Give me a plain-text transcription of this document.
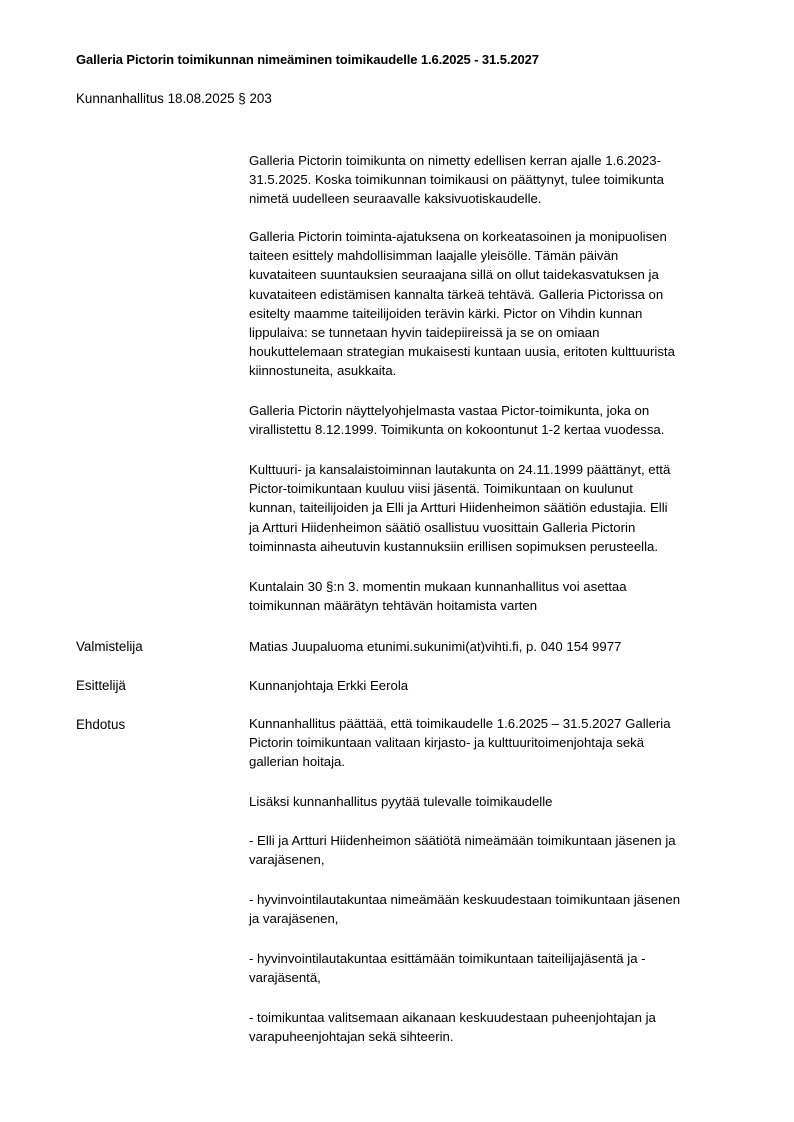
Galleria Pictorin toimikunnan nimeäminen toimikaudelle 1.6.2025 - 31.5.2027
Kunnanhallitus 18.08.2025 § 203

Galleria Pictorin toimikunta on nimetty edellisen kerran ajalle 1.6.2023-
31.5.2025. Koska toimikunnan toimikausi on päättynyt, tulee toimikunta
nimetä uudelleen seuraavalle kaksivuotiskaudelle.

Galleria Pictorin toiminta-ajatuksena on korkeatasoinen ja monipuolisen
taiteen esittely mahdollisimman laajalle yleisölle. Tämän päivän
kuvataiteen suuntauksien seuraajana sillä on ollut taidekasvatuksen ja
kuvataiteen edistämisen kannalta tärkeä tehtävä. Galleria Pictorissa on
esitelty maamme taiteilijoiden terävin kärki. Pictor on Vihdin kunnan
lippulaiva: se tunnetaan hyvin taidepiireissä ja se on omiaan
houkuttelemaan strategian mukaisesti kuntaan uusia, eritoten kulttuurista
kiinnostuneita, asukkaita.

Galleria Pictorin näyttelyohjelmasta vastaa Pictor-toimikunta, joka on
virallistettu 8.12.1999. Toimikunta on kokoontunut 1-2 kertaa vuodessa.

Kulttuuri- ja kansalaistoiminnan lautakunta on 24.11.1999 päättänyt, että
Pictor-toimikuntaan kuuluu viisi jäsentä. Toimikuntaan on kuulunut
kunnan, taiteilijoiden ja Elli ja Artturi Hiidenheimon säätiön edustajia. Elli
ja Artturi Hiidenheimon säätiö osallistuu vuosittain Galleria Pictorin
toiminnasta aiheutuvin kustannuksiin erillisen sopimuksen perusteella.

Kuntalain 30 §:n 3. momentin mukaan kunnanhallitus voi asettaa
toimikunnan määrätyn tehtävän hoitamista varten

Valmistelija	Matias Juupaluoma etunimi.sukunimi(at)vihti.fi, p. 040 154 9977
Esittelijä	Kunnanjohtaja Erkki Eerola
Ehdotus	Kunnanhallitus päättää, että toimikaudelle 1.6.2025 – 31.5.2027 Galleria
Pictorin toimikuntaan valitaan kirjasto- ja kulttuuritoimenjohtaja sekä
gallerian hoitaja.

Lisäksi kunnanhallitus pyytää tulevalle toimikaudelle

- Elli ja Artturi Hiidenheimon säätiötä nimeämään toimikuntaan jäsenen ja
varajäsenen,

- hyvinvointilautakuntaa nimeämään keskuudestaan toimikuntaan jäsenen
ja varajäsenen,

- hyvinvointilautakuntaa esittämään toimikuntaan taiteilijajäsentä ja -
varajäsentä,

- toimikuntaa valitsemaan aikanaan keskuudestaan puheenjohtajan ja
varapuheenjohtajan sekä sihteerin.
